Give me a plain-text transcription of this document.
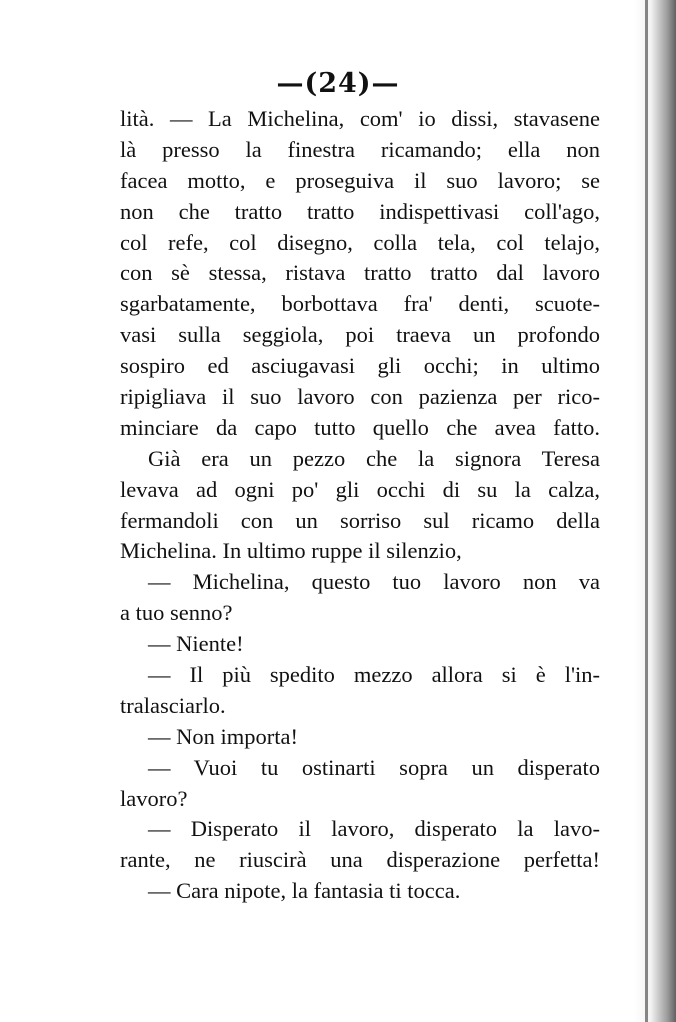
—(24)—
lità. — La Michelina, com' io dissi, stavasene
là presso la finestra ricamando; ella non
facea motto, e proseguiva il suo lavoro; se
non che tratto tratto indispettivasi coll'ago,
col refe, col disegno, colla tela, col telajo,
con sè stessa, ristava tratto tratto dal lavoro
sgarbatamente, borbottava fra' denti, scuote-
vasi sulla seggiola, poi traeva un profondo
sospiro ed asciugavasi gli occhi; in ultimo
ripigliava il suo lavoro con pazienza per rico-
minciare da capo tutto quello che avea fatto.
Già era un pezzo che la signora Teresa
levava ad ogni po' gli occhi di su la calza,
fermandoli con un sorriso sul ricamo della
Michelina. In ultimo ruppe il silenzio,
— Michelina, questo tuo lavoro non va
a tuo senno?
— Niente!
— Il più spedito mezzo allora si è l'in-
tralasciarlo.
— Non importa!
— Vuoi tu ostinarti sopra un disperato
lavoro?
— Disperato il lavoro, disperato la lavo-
rante, ne riuscirà una disperazione perfetta!
— Cara nipote, la fantasia ti tocca.
